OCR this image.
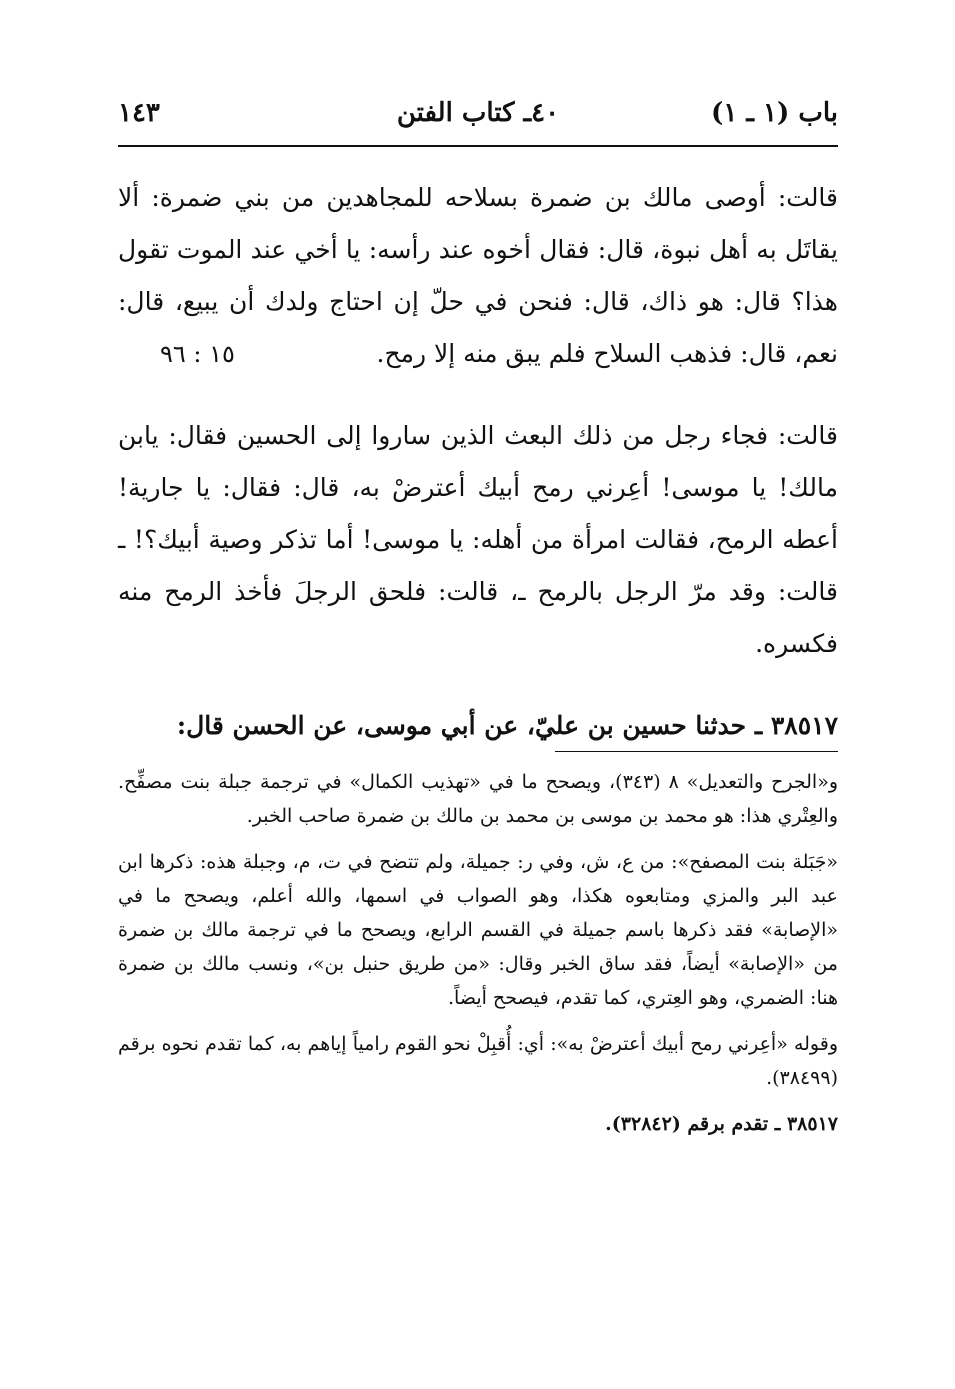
باب (١ ـ ١)
٤٠ـ كتاب الفتن
١٤٣
١٥ : ٩٦

قالت: أوصى مالك بن ضمرة بسلاحه للمجاهدين من بني ضمرة: ألا يقاتَل به أهل نبوة، قال: فقال أخوه عند رأسه: يا أخي عند الموت تقول هذا؟ قال: هو ذاك، قال: فنحن في حلّ إن احتاج ولدك أن يبيع، قال: نعم، قال: فذهب السلاح فلم يبق منه إلا رمح.

قالت: فجاء رجل من ذلك البعث الذين ساروا إلى الحسين فقال: يابن مالك! يا موسى! أعِرني رمح أبيك أعترضْ به، قال: فقال: يا جارية! أعطه الرمح، فقالت امرأة من أهله: يا موسى! أما تذكر وصية أبيك؟! ـ قالت: وقد مرّ الرجل بالرمح ـ، قالت: فلحق الرجلَ فأخذ الرمح منه فكسره.

٣٨٥١٧ ـ حدثنا حسين بن عليّ، عن أبي موسى، عن الحسن قال:

و«الجرح والتعديل» ٨ (٣٤٣)، ويصحح ما في «تهذيب الكمال» في ترجمة جبلة بنت مصفِّح. والعِتْري هذا: هو محمد بن موسى بن محمد بن مالك بن ضمرة صاحب الخبر.

«جَبَلة بنت المصفح»: من ع، ش، وفي ر: جميلة، ولم تتضح في ت، م، وجبلة هذه: ذكرها ابن عبد البر والمزي ومتابعوه هكذا، وهو الصواب في اسمها، والله أعلم، ويصحح ما في «الإصابة» فقد ذكرها باسم جميلة في القسم الرابع، ويصحح ما في ترجمة مالك بن ضمرة من «الإصابة» أيضاً، فقد ساق الخبر وقال: «من طريق حنبل بن»، ونسب مالك بن ضمرة هنا: الضمري، وهو العِتري، كما تقدم، فيصحح أيضاً.

وقوله «أعِرني رمح أبيك أعترضْ به»: أي: أُقبِلْ نحو القوم رامياً إياهم به، كما تقدم نحوه برقم (٣٨٤٩٩).

٣٨٥١٧ ـ تقدم برقم (٣٢٨٤٢).
